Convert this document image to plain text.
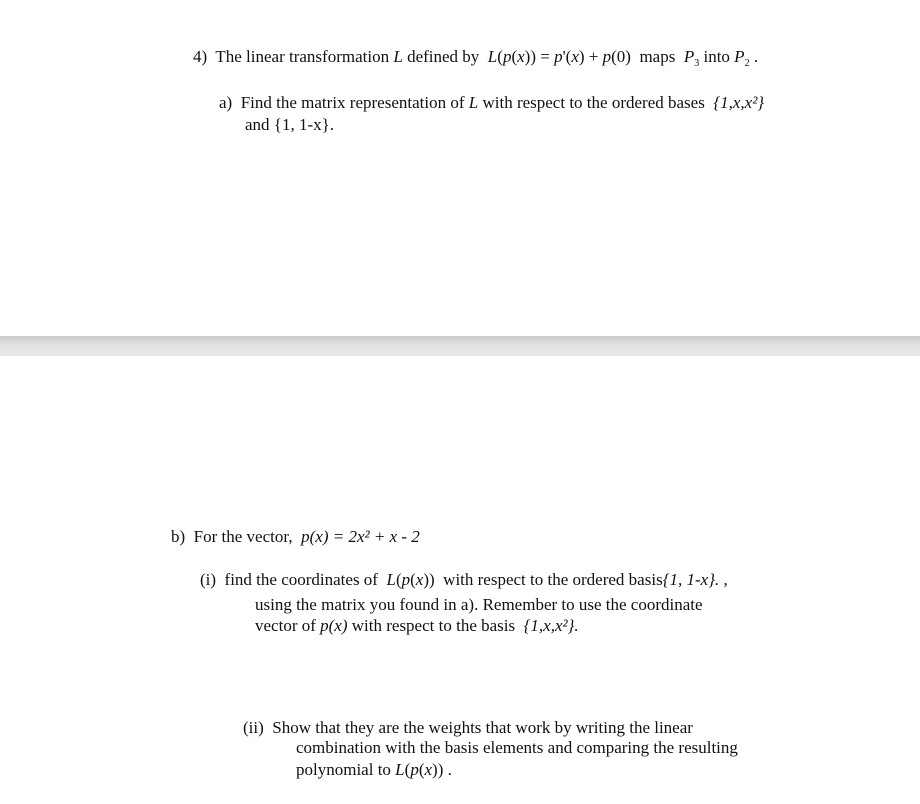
4) The linear transformation L defined by L(p(x)) = p'(x) + p(0) maps $P_3$ into $P_2$ .
a) Find the matrix representation of L with respect to the ordered bases {1,x,x²}
and {1, 1-x}.
b) For the vector, p(x) = 2x² + x - 2
(i) find the coordinates of L(p(x)) with respect to the ordered basis{1, 1-x}. ,
using the matrix you found in a). Remember to use the coordinate
vector of p(x) with respect to the basis {1,x,x²}.
(ii) Show that they are the weights that work by writing the linear
combination with the basis elements and comparing the resulting
polynomial to L(p(x)) .
